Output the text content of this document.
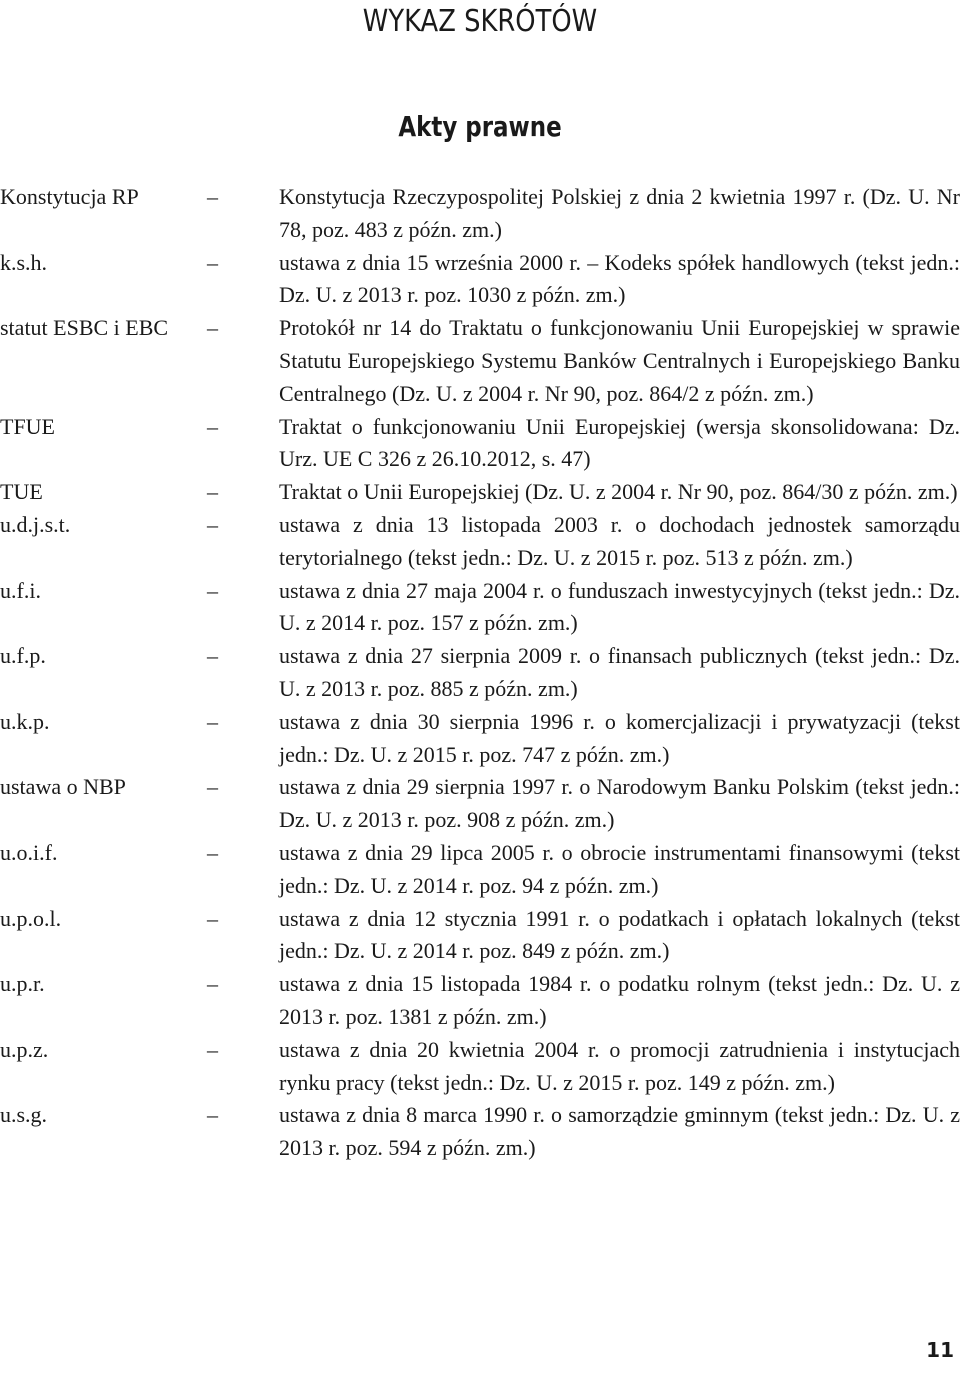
WYKAZ SKRÓTÓW
Akty prawne
Konstytucja RP	–	Konstytucja Rzeczypospolitej Polskiej z dnia 2 kwietnia 1997 r. (Dz. U. Nr 78, poz. 483 z późn. zm.)
k.s.h.	–	ustawa z dnia 15 września 2000 r. – Kodeks spółek handlowych (tekst jedn.: Dz. U. z 2013 r. poz. 1030 z późn. zm.)
statut ESBC i EBC –	Protokół nr 14 do Traktatu o funkcjonowaniu Unii Europejskiej w sprawie Statutu Europejskiego Systemu Banków Centralnych i Europejskiego Banku Centralnego (Dz. U. z 2004 r. Nr 90, poz. 864/2 z późn. zm.)
TFUE	–	Traktat o funkcjonowaniu Unii Europejskiej (wersja skonsolidowana: Dz. Urz. UE C 326 z 26.10.2012, s. 47)
TUE	–	Traktat o Unii Europejskiej (Dz. U. z 2004 r. Nr 90, poz. 864/30 z późn. zm.)
u.d.j.s.t.	–	ustawa z dnia 13 listopada 2003 r. o dochodach jednostek samorządu terytorialnego (tekst jedn.: Dz. U. z 2015 r. poz. 513 z późn. zm.)
u.f.i.	–	ustawa z dnia 27 maja 2004 r. o funduszach inwestycyjnych (tekst jedn.: Dz. U. z 2014 r. poz. 157 z późn. zm.)
u.f.p.	–	ustawa z dnia 27 sierpnia 2009 r. o finansach publicznych (tekst jedn.: Dz. U. z 2013 r. poz. 885 z późn. zm.)
u.k.p.	–	ustawa z dnia 30 sierpnia 1996 r. o komercjalizacji i prywatyzacji (tekst jedn.: Dz. U. z 2015 r. poz. 747 z późn. zm.)
ustawa o NBP	–	ustawa z dnia 29 sierpnia 1997 r. o Narodowym Banku Polskim (tekst jedn.: Dz. U. z 2013 r. poz. 908 z późn. zm.)
u.o.i.f.	–	ustawa z dnia 29 lipca 2005 r. o obrocie instrumentami finansowymi (tekst jedn.: Dz. U. z 2014 r. poz. 94 z późn. zm.)
u.p.o.l.	–	ustawa z dnia 12 stycznia 1991 r. o podatkach i opłatach lokalnych (tekst jedn.: Dz. U. z 2014 r. poz. 849 z późn. zm.)
u.p.r.	–	ustawa z dnia 15 listopada 1984 r. o podatku rolnym (tekst jedn.: Dz. U. z 2013 r. poz. 1381 z późn. zm.)
u.p.z.	–	ustawa z dnia 20 kwietnia 2004 r. o promocji zatrudnienia i instytucjach rynku pracy (tekst jedn.: Dz. U. z 2015 r. poz. 149 z późn. zm.)
u.s.g.	–	ustawa z dnia 8 marca 1990 r. o samorządzie gminnym (tekst jedn.: Dz. U. z 2013 r. poz. 594 z późn. zm.)
11
